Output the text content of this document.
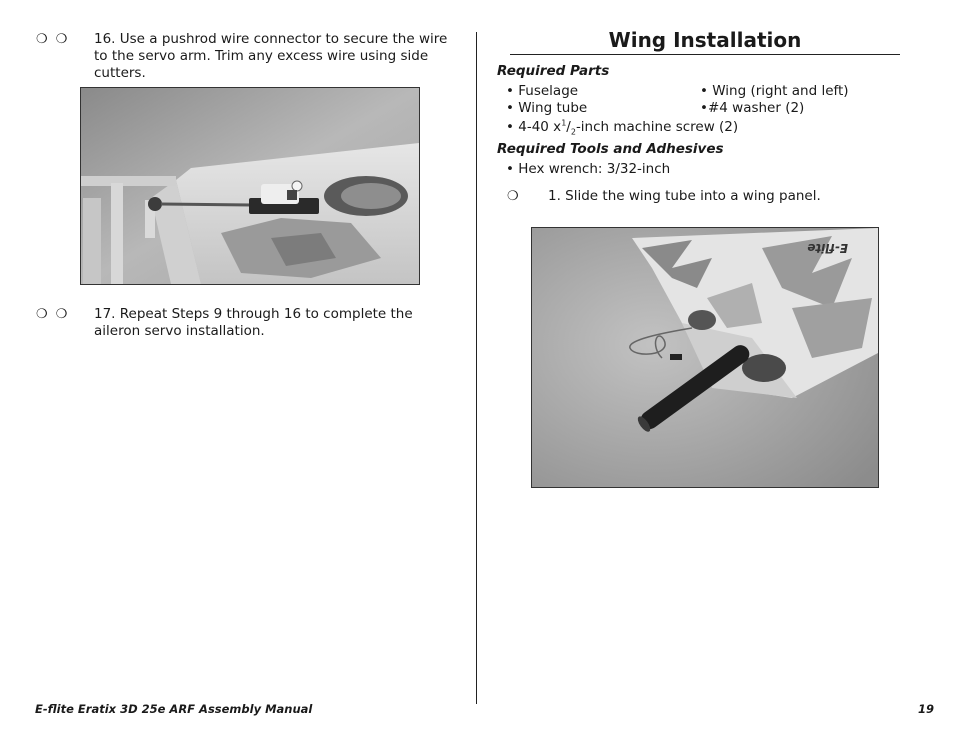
❍ ❍ 16. Use a pushrod wire connector to secure the wire to the servo arm. Trim any excess wire using side cutters.
❍ ❍ 17. Repeat Steps 9 through 16 to complete the aileron servo installation.
Wing Installation
Required Parts
• Fuselage	• Wing (right and left)
• Wing tube	•#4 washer (2)
• 4-40 $x^1/_2$-inch machine screw (2)
Required Tools and Adhesives
• Hex wrench: 3/32-inch
❍ 1. Slide the wing tube into a wing panel.
E-flite
E-flite Eratix 3D 25e ARF Assembly Manual	19
